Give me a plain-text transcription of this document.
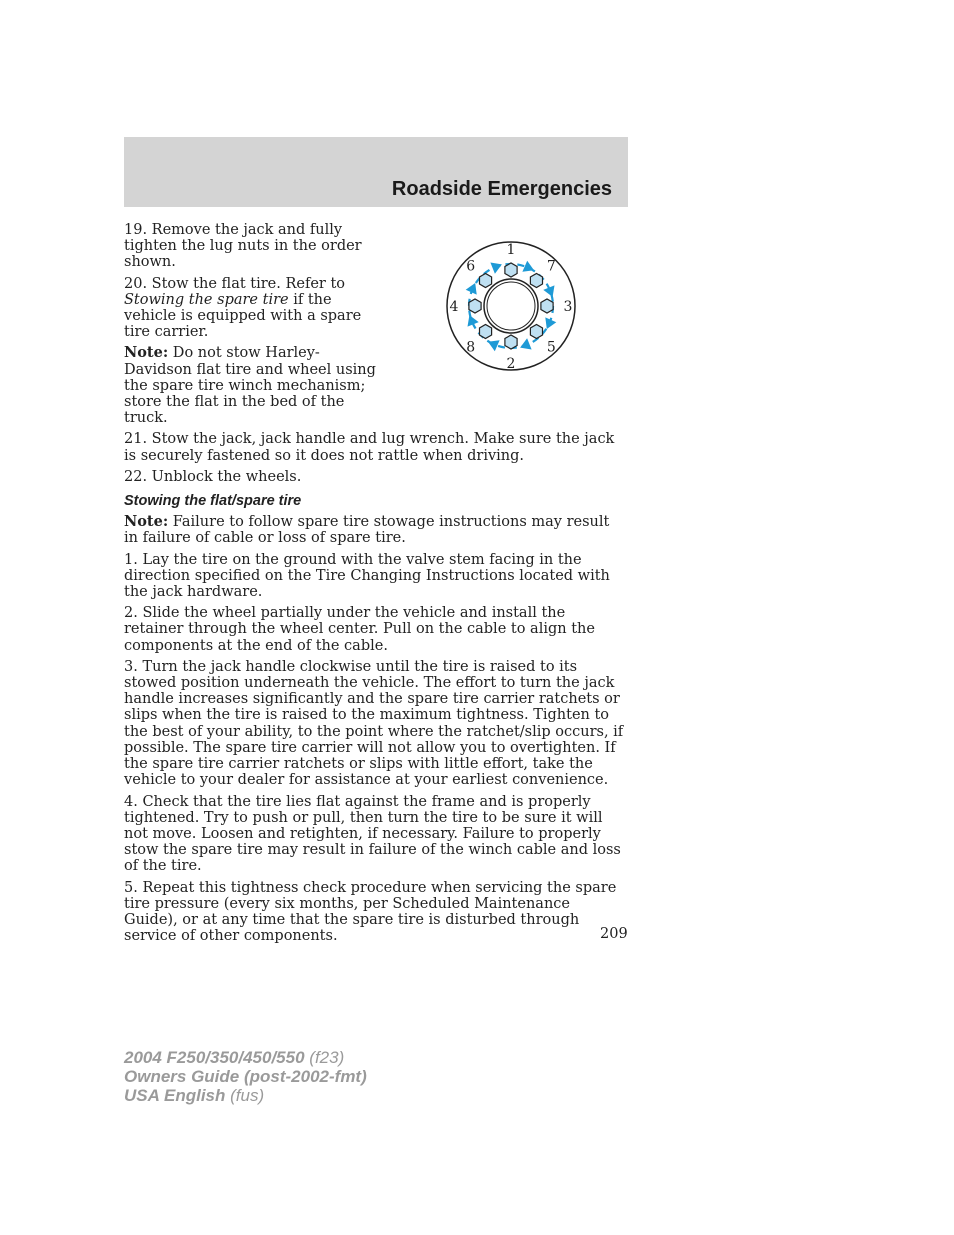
Roadside Emergencies
1
7
3
5
2
8
4
6

19. Remove the jack and fully tighten the lug nuts in the order shown.

20. Stow the flat tire. Refer to Stowing the spare tire if the vehicle is equipped with a spare tire carrier.

Note: Do not stow Harley-Davidson flat tire and wheel using the spare tire winch mechanism; store the flat in the bed of the truck.

21. Stow the jack, jack handle and lug wrench. Make sure the jack is securely fastened so it does not rattle when driving.

22. Unblock the wheels.

Stowing the flat/spare tire

Note: Failure to follow spare tire stowage instructions may result in failure of cable or loss of spare tire.

1. Lay the tire on the ground with the valve stem facing in the direction specified on the Tire Changing Instructions located with the jack hardware.

2. Slide the wheel partially under the vehicle and install the retainer through the wheel center. Pull on the cable to align the components at the end of the cable.

3. Turn the jack handle clockwise until the tire is raised to its stowed position underneath the vehicle. The effort to turn the jack handle increases significantly and the spare tire carrier ratchets or slips when the tire is raised to the maximum tightness. Tighten to the best of your ability, to the point where the ratchet/slip occurs, if possible. The spare tire carrier will not allow you to overtighten. If the spare tire carrier ratchets or slips with little effort, take the vehicle to your dealer for assistance at your earliest convenience.

4. Check that the tire lies flat against the frame and is properly tightened. Try to push or pull, then turn the tire to be sure it will not move. Loosen and retighten, if necessary. Failure to properly stow the spare tire may result in failure of the winch cable and loss of the tire.

5. Repeat this tightness check procedure when servicing the spare tire pressure (every six months, per Scheduled Maintenance Guide), or at any time that the spare tire is disturbed through service of other components.	209
2004 F250/350/450/550 (f23)
Owners Guide (post-2002-fmt)
USA English (fus)
